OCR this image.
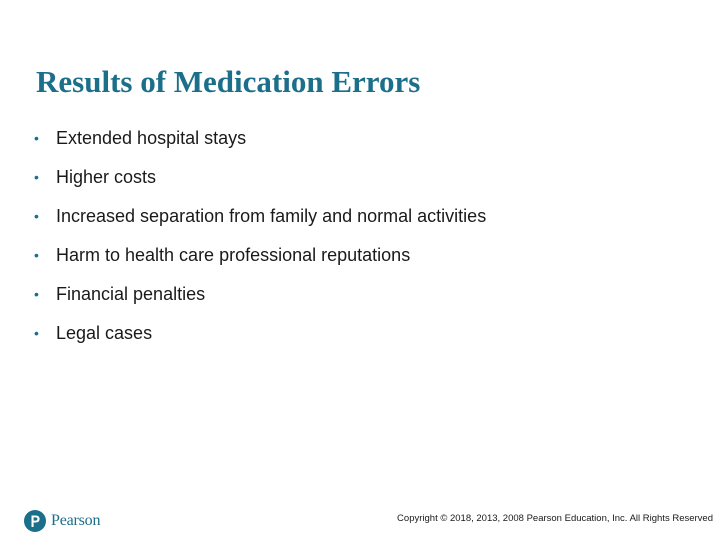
Results of Medication Errors
• Extended hospital stays
• Higher costs
• Increased separation from family and normal activities
• Harm to health care professional reputations
• Financial penalties
• Legal cases
Pearson	Copyright © 2018, 2013, 2008 Pearson Education, Inc. All Rights Reserved
